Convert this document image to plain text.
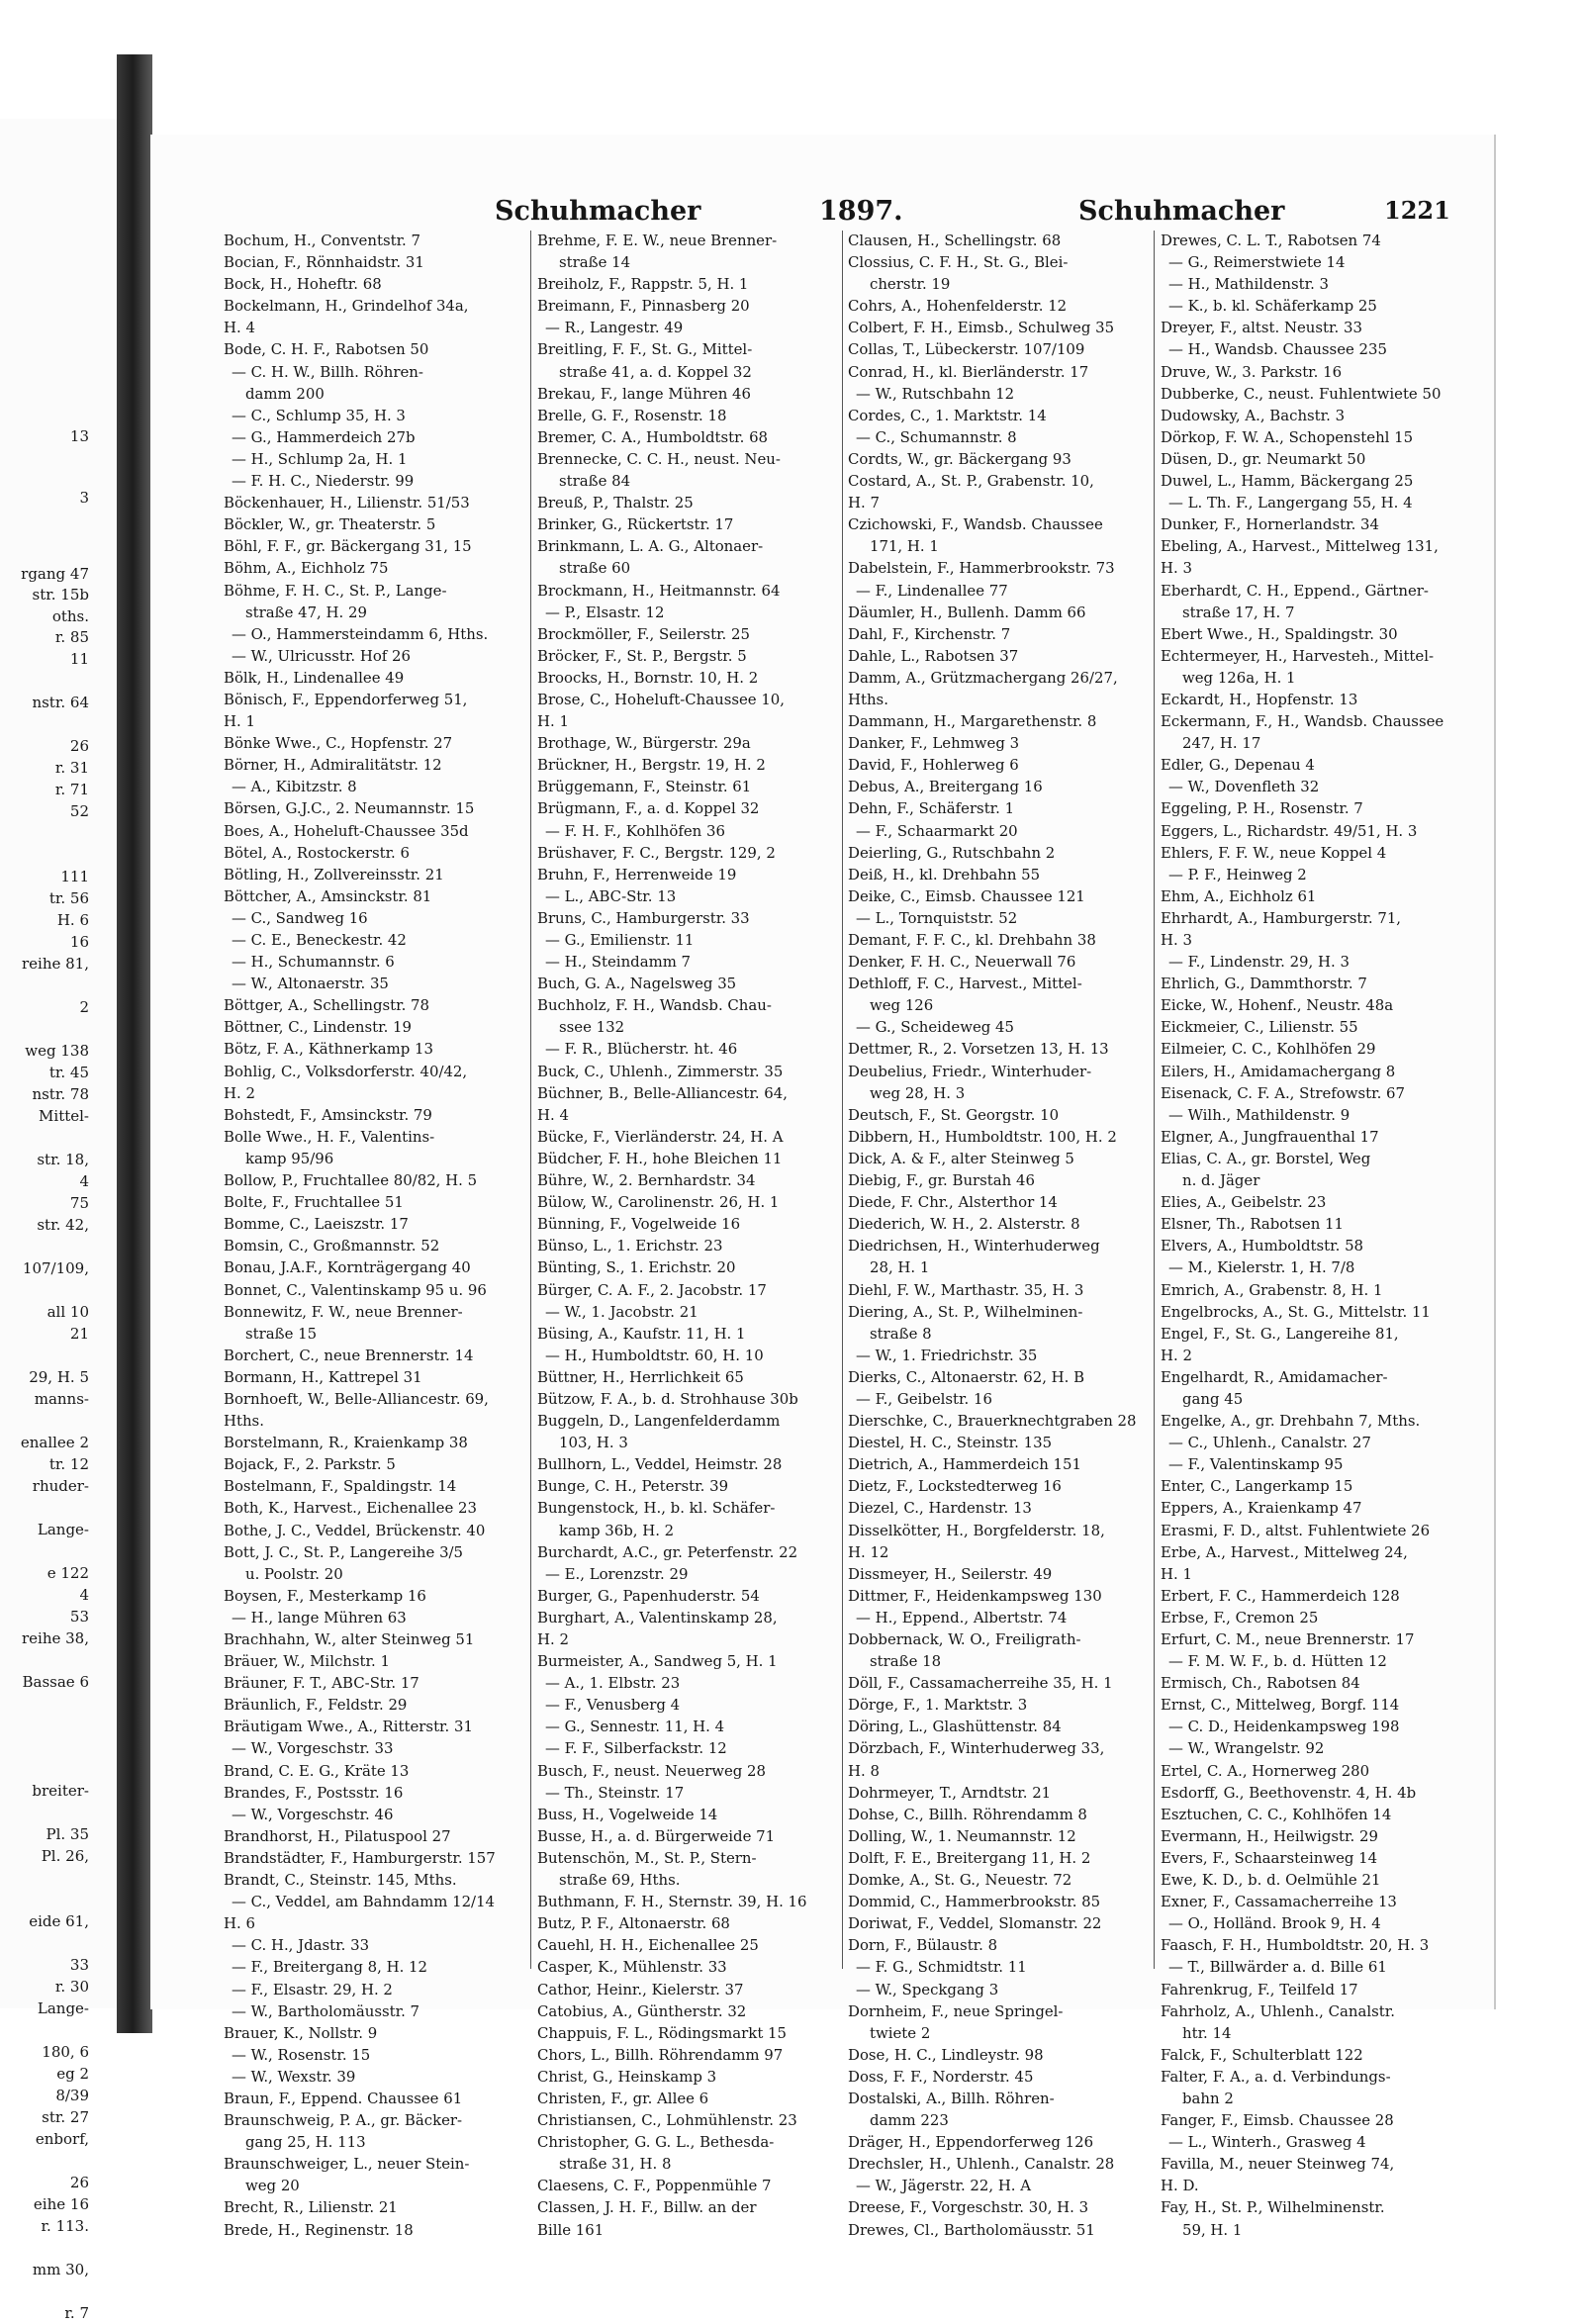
13
3
rgang 47
str. 15b
oths.
r. 85
11
nstr. 64
26
r. 31
r. 71
52
111
tr. 56
H. 6
16
reihe 81,
2
weg 138
tr. 45
nstr. 78
Mittel-
str. 18,
4
75
str. 42,
107/109,
all 10
21
29, H. 5
manns-
enallee 2
tr. 12
rhuder-
Lange-
e 122
4
53
reihe 38,
Bassae 6
breiter-
Pl. 35
Pl. 26,
eide 61,
33
r. 30
Lange-
180, 6
eg 2
8/39
str. 27
enborf,
26
eihe 16
r. 113.
mm 30,
r. 7
Schuhmacher	1897.	Schuhmacher	1221
Bochum, H., Conventstr. 7
Bocian, F., Rönnhaidstr. 31
Bock, H., Hoheftr. 68
Bockelmann, H., Grindelhof 34a,
H. 4
Bode, C. H. F., Rabotsen 50
— C. H. W., Billh. Röhren-
damm 200
— C., Schlump 35, H. 3
— G., Hammerdeich 27b
— H., Schlump 2a, H. 1
— F. H. C., Niederstr. 99
Böckenhauer, H., Lilienstr. 51/53
Böckler, W., gr. Theaterstr. 5
Böhl, F. F., gr. Bäckergang 31, 15
Böhm, A., Eichholz 75
Böhme, F. H. C., St. P., Lange-
straße 47, H. 29
— O., Hammersteindamm 6, Hths.
— W., Ulricusstr. Hof 26
Bölk, H., Lindenallee 49
Bönisch, F., Eppendorferweg 51,
H. 1
Bönke Wwe., C., Hopfenstr. 27
Börner, H., Admiralitätstr. 12
— A., Kibitzstr. 8
Börsen, G.J.C., 2. Neumannstr. 15
Boes, A., Hoheluft-Chaussee 35d
Bötel, A., Rostockerstr. 6
Bötling, H., Zollvereinsstr. 21
Böttcher, A., Amsinckstr. 81
— C., Sandweg 16
— C. E., Beneckestr. 42
— H., Schumannstr. 6
— W., Altonaerstr. 35
Böttger, A., Schellingstr. 78
Böttner, C., Lindenstr. 19
Bötz, F. A., Käthnerkamp 13
Bohlig, C., Volksdorferstr. 40/42,
H. 2
Bohstedt, F., Amsinckstr. 79
Bolle Wwe., H. F., Valentins-
kamp 95/96
Bollow, P., Fruchtallee 80/82, H. 5
Bolte, F., Fruchtallee 51
Bomme, C., Laeiszstr. 17
Bomsin, C., Großmannstr. 52
Bonau, J.A.F., Kornträgergang 40
Bonnet, C., Valentinskamp 95 u. 96
Bonnewitz, F. W., neue Brenner-
straße 15
Borchert, C., neue Brennerstr. 14
Bormann, H., Kattrepel 31
Bornhoeft, W., Belle-Alliancestr. 69,
Hths.
Borstelmann, R., Kraienkamp 38
Bojack, F., 2. Parkstr. 5
Bostelmann, F., Spaldingstr. 14
Both, K., Harvest., Eichenallee 23
Bothe, J. C., Veddel, Brückenstr. 40
Bott, J. C., St. P., Langereihe 3/5
u. Poolstr. 20
Boysen, F., Mesterkamp 16
— H., lange Mühren 63
Brachhahn, W., alter Steinweg 51
Bräuer, W., Milchstr. 1
Bräuner, F. T., ABC-Str. 17
Bräunlich, F., Feldstr. 29
Bräutigam Wwe., A., Ritterstr. 31
— W., Vorgeschstr. 33
Brand, C. E. G., Kräte 13
Brandes, F., Postsstr. 16
— W., Vorgeschstr. 46
Brandhorst, H., Pilatuspool 27
Brandstädter, F., Hamburgerstr. 157
Brandt, C., Steinstr. 145, Mths.
— C., Veddel, am Bahndamm 12/14
H. 6
— C. H., Jdastr. 33
— F., Breitergang 8, H. 12
— F., Elsastr. 29, H. 2
— W., Bartholomäusstr. 7
Brauer, K., Nollstr. 9
— W., Rosenstr. 15
— W., Wexstr. 39
Braun, F., Eppend. Chaussee 61
Braunschweig, P. A., gr. Bäcker-
gang 25, H. 113
Braunschweiger, L., neuer Stein-
weg 20
Brecht, R., Lilienstr. 21
Brede, H., Reginenstr. 18
Brehme, F. E. W., neue Brenner-
straße 14
Breiholz, F., Rappstr. 5, H. 1
Breimann, F., Pinnasberg 20
— R., Langestr. 49
Breitling, F. F., St. G., Mittel-
straße 41, a. d. Koppel 32
Brekau, F., lange Mühren 46
Brelle, G. F., Rosenstr. 18
Bremer, C. A., Humboldtstr. 68
Brennecke, C. C. H., neust. Neu-
straße 84
Breuß, P., Thalstr. 25
Brinker, G., Rückertstr. 17
Brinkmann, L. A. G., Altonaer-
straße 60
Brockmann, H., Heitmannstr. 64
— P., Elsastr. 12
Brockmöller, F., Seilerstr. 25
Bröcker, F., St. P., Bergstr. 5
Broocks, H., Bornstr. 10, H. 2
Brose, C., Hoheluft-Chaussee 10,
H. 1
Brothage, W., Bürgerstr. 29a
Brückner, H., Bergstr. 19, H. 2
Brüggemann, F., Steinstr. 61
Brügmann, F., a. d. Koppel 32
— F. H. F., Kohlhöfen 36
Brüshaver, F. C., Bergstr. 129, 2
Bruhn, F., Herrenweide 19
— L., ABC-Str. 13
Bruns, C., Hamburgerstr. 33
— G., Emilienstr. 11
— H., Steindamm 7
Buch, G. A., Nagelsweg 35
Buchholz, F. H., Wandsb. Chau-
ssee 132
— F. R., Blücherstr. ht. 46
Buck, C., Uhlenh., Zimmerstr. 35
Büchner, B., Belle-Alliancestr. 64,
H. 4
Bücke, F., Vierländerstr. 24, H. A
Büdcher, F. H., hohe Bleichen 11
Bühre, W., 2. Bernhardstr. 34
Bülow, W., Carolinenstr. 26, H. 1
Bünning, F., Vogelweide 16
Bünso, L., 1. Erichstr. 23
Bünting, S., 1. Erichstr. 20
Bürger, C. A. F., 2. Jacobstr. 17
— W., 1. Jacobstr. 21
Büsing, A., Kaufstr. 11, H. 1
— H., Humboldtstr. 60, H. 10
Büttner, H., Herrlichkeit 65
Bützow, F. A., b. d. Strohhause 30b
Buggeln, D., Langenfelderdamm
103, H. 3
Bullhorn, L., Veddel, Heimstr. 28
Bunge, C. H., Peterstr. 39
Bungenstock, H., b. kl. Schäfer-
kamp 36b, H. 2
Burchardt, A.C., gr. Peterfenstr. 22
— E., Lorenzstr. 29
Burger, G., Papenhuderstr. 54
Burghart, A., Valentinskamp 28,
H. 2
Burmeister, A., Sandweg 5, H. 1
— A., 1. Elbstr. 23
— F., Venusberg 4
— G., Sennestr. 11, H. 4
— F. F., Silberfackstr. 12
Busch, F., neust. Neuerweg 28
— Th., Steinstr. 17
Buss, H., Vogelweide 14
Busse, H., a. d. Bürgerweide 71
Butenschön, M., St. P., Stern-
straße 69, Hths.
Buthmann, F. H., Sternstr. 39, H. 16
Butz, P. F., Altonaerstr. 68
Cauehl, H. H., Eichenallee 25
Casper, K., Mühlenstr. 33
Cathor, Heinr., Kielerstr. 37
Catobius, A., Güntherstr. 32
Chappuis, F. L., Rödingsmarkt 15
Chors, L., Billh. Röhrendamm 97
Christ, G., Heinskamp 3
Christen, F., gr. Allee 6
Christiansen, C., Lohmühlenstr. 23
Christopher, G. G. L., Bethesda-
straße 31, H. 8
Claesens, C. F., Poppenmühle 7
Classen, J. H. F., Billw. an der
Bille 161
Clausen, H., Schellingstr. 68
Clossius, C. F. H., St. G., Blei-
cherstr. 19
Cohrs, A., Hohenfelderstr. 12
Colbert, F. H., Eimsb., Schulweg 35
Collas, T., Lübeckerstr. 107/109
Conrad, H., kl. Bierländerstr. 17
— W., Rutschbahn 12
Cordes, C., 1. Marktstr. 14
— C., Schumannstr. 8
Cordts, W., gr. Bäckergang 93
Costard, A., St. P., Grabenstr. 10,
H. 7
Czichowski, F., Wandsb. Chaussee
171, H. 1
Dabelstein, F., Hammerbrookstr. 73
— F., Lindenallee 77
Däumler, H., Bullenh. Damm 66
Dahl, F., Kirchenstr. 7
Dahle, L., Rabotsen 37
Damm, A., Grützmachergang 26/27,
Hths.
Dammann, H., Margarethenstr. 8
Danker, F., Lehmweg 3
David, F., Hohlerweg 6
Debus, A., Breitergang 16
Dehn, F., Schäferstr. 1
— F., Schaarmarkt 20
Deierling, G., Rutschbahn 2
Deiß, H., kl. Drehbahn 55
Deike, C., Eimsb. Chaussee 121
— L., Tornquiststr. 52
Demant, F. F. C., kl. Drehbahn 38
Denker, F. H. C., Neuerwall 76
Dethloff, F. C., Harvest., Mittel-
weg 126
— G., Scheideweg 45
Dettmer, R., 2. Vorsetzen 13, H. 13
Deubelius, Friedr., Winterhuder-
weg 28, H. 3
Deutsch, F., St. Georgstr. 10
Dibbern, H., Humboldtstr. 100, H. 2
Dick, A. & F., alter Steinweg 5
Diebig, F., gr. Burstah 46
Diede, F. Chr., Alsterthor 14
Diederich, W. H., 2. Alsterstr. 8
Diedrichsen, H., Winterhuderweg
28, H. 1
Diehl, F. W., Marthastr. 35, H. 3
Diering, A., St. P., Wilhelminen-
straße 8
— W., 1. Friedrichstr. 35
Dierks, C., Altonaerstr. 62, H. B
— F., Geibelstr. 16
Dierschke, C., Brauerknechtgraben 28
Diestel, H. C., Steinstr. 135
Dietrich, A., Hammerdeich 151
Dietz, F., Lockstedterweg 16
Diezel, C., Hardenstr. 13
Disselkötter, H., Borgfelderstr. 18,
H. 12
Dissmeyer, H., Seilerstr. 49
Dittmer, F., Heidenkampsweg 130
— H., Eppend., Albertstr. 74
Dobbernack, W. O., Freiligrath-
straße 18
Döll, F., Cassamacherreihe 35, H. 1
Dörge, F., 1. Marktstr. 3
Döring, L., Glashüttenstr. 84
Dörzbach, F., Winterhuderweg 33,
H. 8
Dohrmeyer, T., Arndtstr. 21
Dohse, C., Billh. Röhrendamm 8
Dolling, W., 1. Neumannstr. 12
Dolft, F. E., Breitergang 11, H. 2
Domke, A., St. G., Neuestr. 72
Dommid, C., Hammerbrookstr. 85
Doriwat, F., Veddel, Slomanstr. 22
Dorn, F., Bülaustr. 8
— F. G., Schmidtstr. 11
— W., Speckgang 3
Dornheim, F., neue Springel-
twiete 2
Dose, H. C., Lindleystr. 98
Doss, F. F., Norderstr. 45
Dostalski, A., Billh. Röhren-
damm 223
Dräger, H., Eppendorferweg 126
Drechsler, H., Uhlenh., Canalstr. 28
— W., Jägerstr. 22, H. A
Dreese, F., Vorgeschstr. 30, H. 3
Drewes, Cl., Bartholomäusstr. 51
Drewes, C. L. T., Rabotsen 74
— G., Reimerstwiete 14
— H., Mathildenstr. 3
— K., b. kl. Schäferkamp 25
Dreyer, F., altst. Neustr. 33
— H., Wandsb. Chaussee 235
Druve, W., 3. Parkstr. 16
Dubberke, C., neust. Fuhlentwiete 50
Dudowsky, A., Bachstr. 3
Dörkop, F. W. A., Schopenstehl 15
Düsen, D., gr. Neumarkt 50
Duwel, L., Hamm, Bäckergang 25
— L. Th. F., Langergang 55, H. 4
Dunker, F., Hornerlandstr. 34
Ebeling, A., Harvest., Mittelweg 131,
H. 3
Eberhardt, C. H., Eppend., Gärtner-
straße 17, H. 7
Ebert Wwe., H., Spaldingstr. 30
Echtermeyer, H., Harvesteh., Mittel-
weg 126a, H. 1
Eckardt, H., Hopfenstr. 13
Eckermann, F., H., Wandsb. Chaussee
247, H. 17
Edler, G., Depenau 4
— W., Dovenfleth 32
Eggeling, P. H., Rosenstr. 7
Eggers, L., Richardstr. 49/51, H. 3
Ehlers, F. F. W., neue Koppel 4
— P. F., Heinweg 2
Ehm, A., Eichholz 61
Ehrhardt, A., Hamburgerstr. 71,
H. 3
— F., Lindenstr. 29, H. 3
Ehrlich, G., Dammthorstr. 7
Eicke, W., Hohenf., Neustr. 48a
Eickmeier, C., Lilienstr. 55
Eilmeier, C. C., Kohlhöfen 29
Eilers, H., Amidamachergang 8
Eisenack, C. F. A., Strefowstr. 67
— Wilh., Mathildenstr. 9
Elgner, A., Jungfrauenthal 17
Elias, C. A., gr. Borstel, Weg
n. d. Jäger
Elies, A., Geibelstr. 23
Elsner, Th., Rabotsen 11
Elvers, A., Humboldtstr. 58
— M., Kielerstr. 1, H. 7/8
Emrich, A., Grabenstr. 8, H. 1
Engelbrocks, A., St. G., Mittelstr. 11
Engel, F., St. G., Langereihe 81,
H. 2
Engelhardt, R., Amidamacher-
gang 45
Engelke, A., gr. Drehbahn 7, Mths.
— C., Uhlenh., Canalstr. 27
— F., Valentinskamp 95
Enter, C., Langerkamp 15
Eppers, A., Kraienkamp 47
Erasmi, F. D., altst. Fuhlentwiete 26
Erbe, A., Harvest., Mittelweg 24,
H. 1
Erbert, F. C., Hammerdeich 128
Erbse, F., Cremon 25
Erfurt, C. M., neue Brennerstr. 17
— F. M. W. F., b. d. Hütten 12
Ermisch, Ch., Rabotsen 84
Ernst, C., Mittelweg, Borgf. 114
— C. D., Heidenkampsweg 198
— W., Wrangelstr. 92
Ertel, C. A., Hornerweg 280
Esdorff, G., Beethovenstr. 4, H. 4b
Esztuchen, C. C., Kohlhöfen 14
Evermann, H., Heilwigstr. 29
Evers, F., Schaarsteinweg 14
Ewe, K. D., b. d. Oelmühle 21
Exner, F., Cassamacherreihe 13
— O., Holländ. Brook 9, H. 4
Faasch, F. H., Humboldtstr. 20, H. 3
— T., Billwärder a. d. Bille 61
Fahrenkrug, F., Teilfeld 17
Fahrholz, A., Uhlenh., Canalstr.
htr. 14
Falck, F., Schulterblatt 122
Falter, F. A., a. d. Verbindungs-
bahn 2
Fanger, F., Eimsb. Chaussee 28
— L., Winterh., Grasweg 4
Favilla, M., neuer Steinweg 74,
H. D.
Fay, H., St. P., Wilhelminenstr.
59, H. 1
